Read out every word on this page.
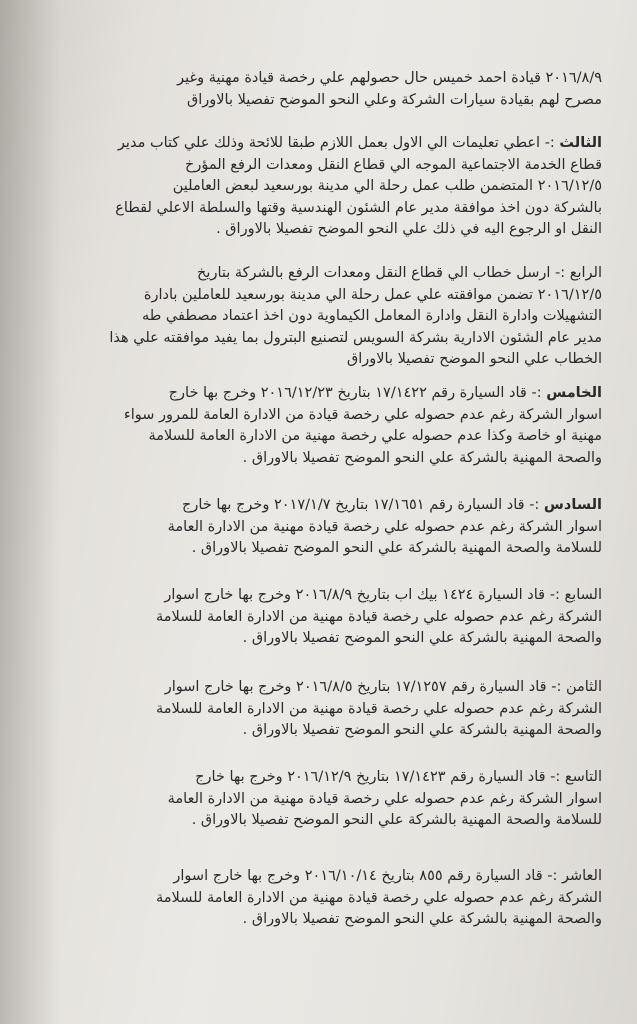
٢٠١٦/٨/٩ قيادة احمد خميس حال حصولهم علي رخصة قيادة مهنية وغير
مصرح لهم بقيادة سيارات الشركة وعلي النحو الموضح تفصيلا بالاوراق
الثالث :- اعطي تعليمات الي الاول بعمل اللازم طبقا للائحة وذلك علي كتاب مدير
قطاع الخدمة الاجتماعية الموجه الي قطاع النقل ومعدات الرفع المؤرخ
٢٠١٦/١٢/٥ المتضمن طلب عمل رحلة الي مدينة بورسعيد لبعض العاملين
بالشركة دون اخذ موافقة مدير عام الشئون الهندسية وقتها والسلطة الاعلي لقطاع
النقل او الرجوع اليه في ذلك علي النحو الموضح تفصيلا بالاوراق .
الرابع :- ارسل خطاب الي قطاع النقل ومعدات الرفع بالشركة بتاريخ
٢٠١٦/١٢/٥ تضمن موافقته علي عمل رحلة الي مدينة بورسعيد للعاملين بادارة
التشهيلات وادارة النقل وادارة المعامل الكيماوية دون اخذ اعتماد مصطفي طه
مدير عام الشئون الادارية بشركة السويس لتصنيع البترول بما يفيد موافقته علي هذا
الخطاب علي النحو الموضح تفصيلا بالاوراق
الخامس :- قاد السيارة رقم ١٧/١٤٢٢ بتاريخ ٢٠١٦/١٢/٢٣ وخرج بها خارج
اسوار الشركة رغم عدم حصوله علي رخصة قيادة من الادارة العامة للمرور سواء
مهنية او خاصة وكذا عدم حصوله علي رخصة مهنية من الادارة العامة للسلامة
والصحة المهنية بالشركة علي النحو الموضح تفصيلا بالاوراق .
السادس :- قاد السيارة رقم ١٧/١٦٥١ بتاريخ ٢٠١٧/١/٧ وخرج بها خارج
اسوار الشركة رغم عدم حصوله علي رخصة قيادة مهنية من الادارة العامة
للسلامة والصحة المهنية بالشركة علي النحو الموضح تفصيلا بالاوراق .
السابع :- قاد السيارة ١٤٢٤ بيك اب بتاريخ ٢٠١٦/٨/٩ وخرج بها خارج اسوار
الشركة رغم عدم حصوله علي رخصة قيادة مهنية من الادارة العامة للسلامة
والصحة المهنية بالشركة علي النحو الموضح تفصيلا بالاوراق .
الثامن :- قاد السيارة رقم ١٧/١٢٥٧ بتاريخ ٢٠١٦/٨/٥ وخرج بها خارج اسوار
الشركة رغم عدم حصوله علي رخصة قيادة مهنية من الادارة العامة للسلامة
والصحة المهنية بالشركة علي النحو الموضح تفصيلا بالاوراق .
التاسع :- قاد السيارة رقم ١٧/١٤٢٣ بتاريخ ٢٠١٦/١٢/٩ وخرج بها خارج
اسوار الشركة رغم عدم حصوله علي رخصة قيادة مهنية من الادارة العامة
للسلامة والصحة المهنية بالشركة علي النحو الموضح تفصيلا بالاوراق .
العاشر :- قاد السيارة رقم ٨٥٥ بتاريخ ٢٠١٦/١٠/١٤ وخرج بها خارج اسوار
الشركة رغم عدم حصوله علي رخصة قيادة مهنية من الادارة العامة للسلامة
والصحة المهنية بالشركة علي النحو الموضح تفصيلا بالاوراق .
